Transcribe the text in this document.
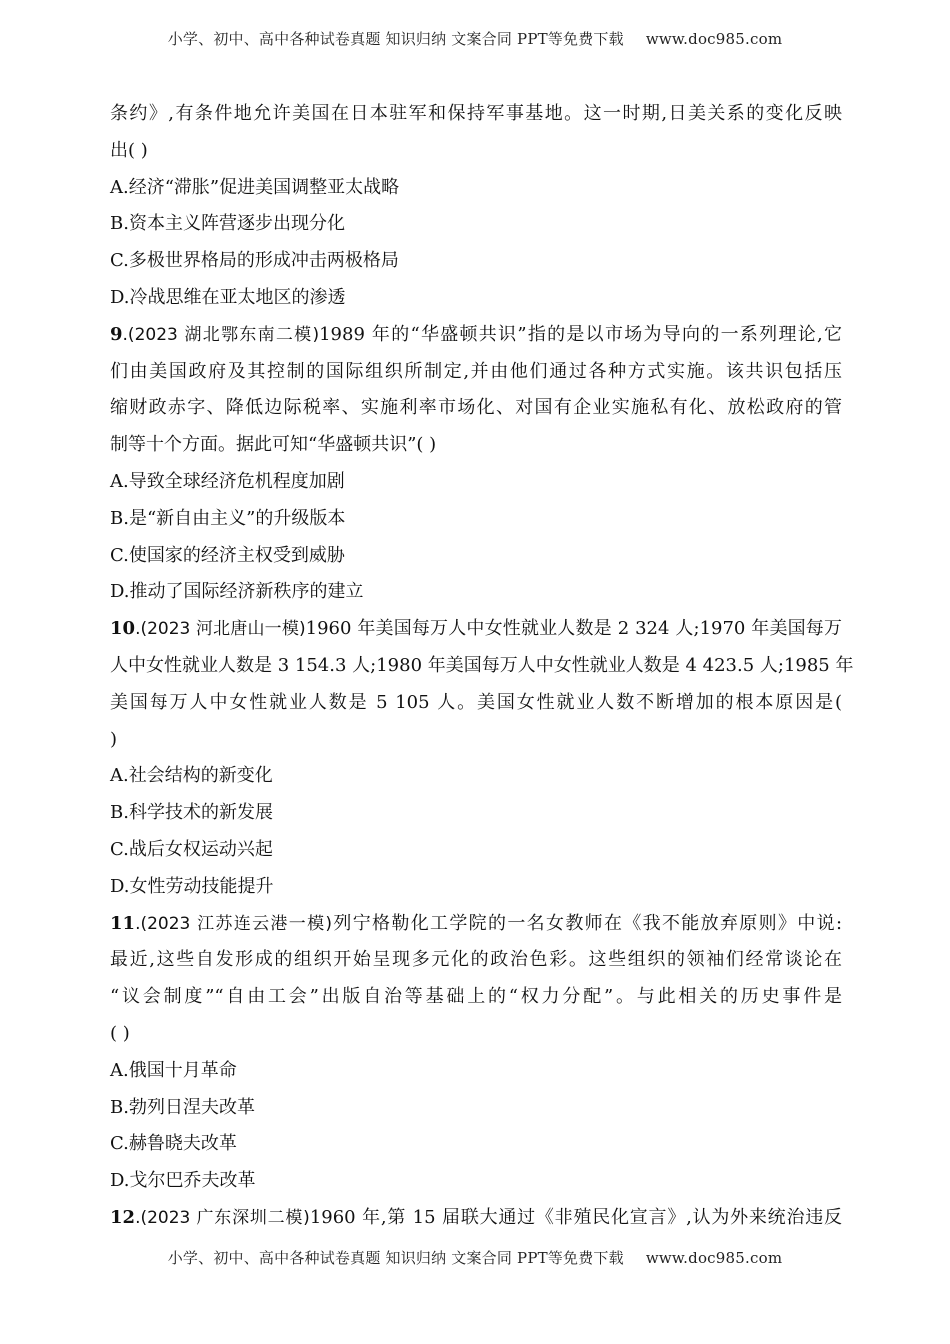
小学、初中、高中各种试卷真题 知识归纳 文案合同 PPT等免费下载 www.doc985.com
条约》,有条件地允许美国在日本驻军和保持军事基地。这一时期,日美关系的变化反映
出( )
A.经济“滞胀”促进美国调整亚太战略
B.资本主义阵营逐步出现分化
C.多极世界格局的形成冲击两极格局
D.冷战思维在亚太地区的渗透
9.(2023 湖北鄂东南二模)1989 年的“华盛顿共识”指的是以市场为导向的一系列理论,它
们由美国政府及其控制的国际组织所制定,并由他们通过各种方式实施。该共识包括压
缩财政赤字、降低边际税率、实施利率市场化、对国有企业实施私有化、放松政府的管
制等十个方面。据此可知“华盛顿共识”( )
A.导致全球经济危机程度加剧
B.是“新自由主义”的升级版本
C.使国家的经济主权受到威胁
D.推动了国际经济新秩序的建立
10.(2023 河北唐山一模)1960 年美国每万人中女性就业人数是 2 324 人;1970 年美国每万
人中女性就业人数是 3 154.3 人;1980 年美国每万人中女性就业人数是 4 423.5 人;1985 年
美国每万人中女性就业人数是 5 105 人。美国女性就业人数不断增加的根本原因是(
)
A.社会结构的新变化
B.科学技术的新发展
C.战后女权运动兴起
D.女性劳动技能提升
11.(2023 江苏连云港一模)列宁格勒化工学院的一名女教师在《我不能放弃原则》中说:
最近,这些自发形成的组织开始呈现多元化的政治色彩。这些组织的领袖们经常谈论在
“议会制度”“自由工会”出版自治等基础上的“权力分配”。与此相关的历史事件是
( )
A.俄国十月革命
B.勃列日涅夫改革
C.赫鲁晓夫改革
D.戈尔巴乔夫改革
12.(2023 广东深圳二模)1960 年,第 15 届联大通过《非殖民化宣言》,认为外来统治违反
小学、初中、高中各种试卷真题 知识归纳 文案合同 PPT等免费下载 www.doc985.com
